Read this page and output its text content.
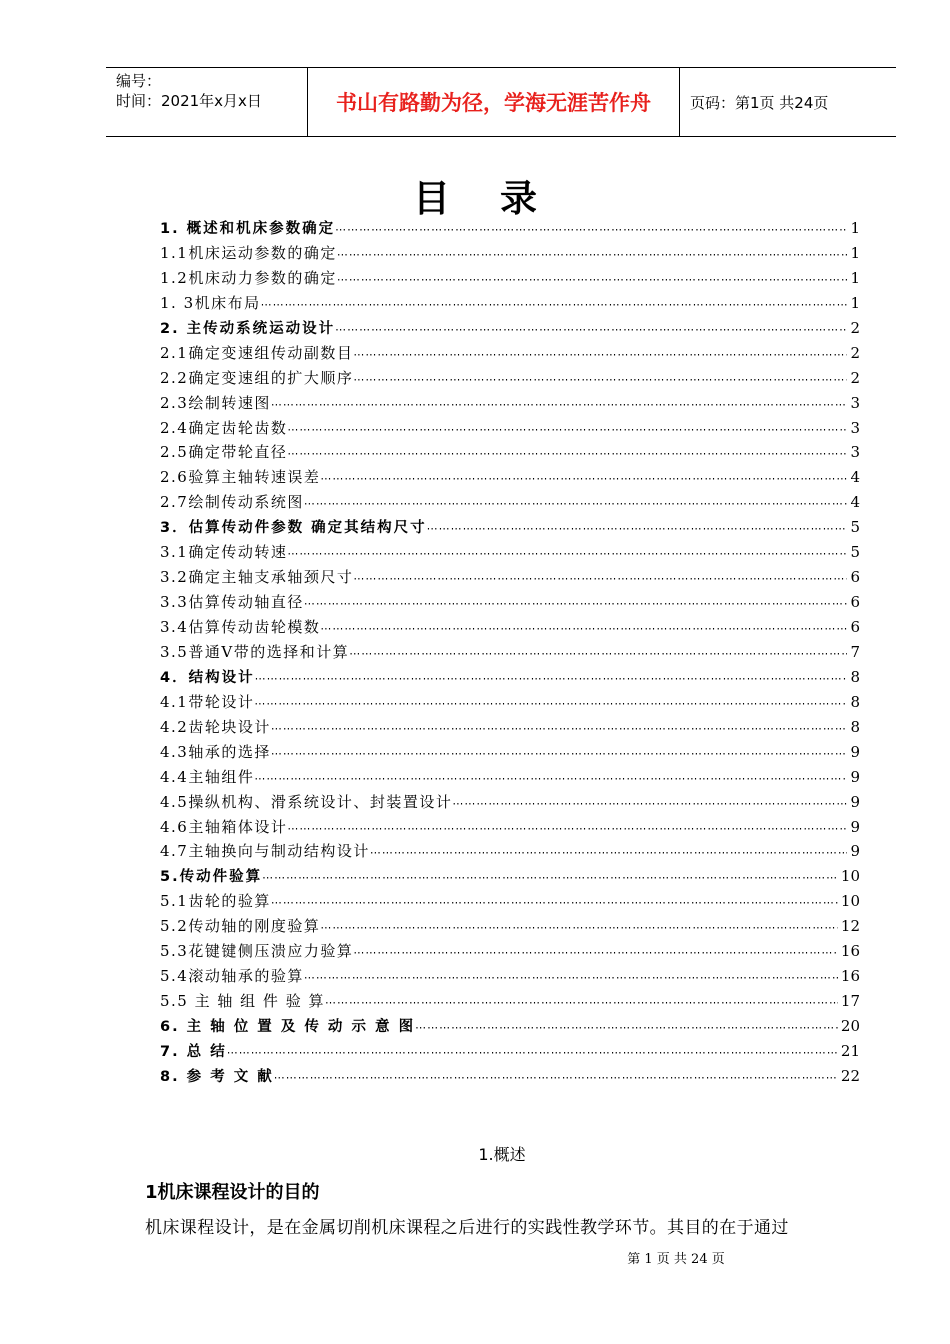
编号：
时间：2021年x月x日	书山有路勤为径，学海无涯苦作舟	页码：第1页 共24页
目录
1. 概述和机床参数确定 ⋯⋯⋯⋯⋯⋯⋯⋯⋯⋯⋯⋯⋯⋯⋯⋯⋯⋯⋯⋯⋯⋯⋯⋯⋯⋯⋯⋯⋯⋯⋯⋯⋯⋯⋯⋯⋯⋯⋯⋯⋯⋯⋯⋯⋯⋯⋯⋯⋯⋯⋯⋯⋯⋯⋯⋯⋯⋯⋯⋯⋯⋯⋯⋯⋯⋯⋯⋯⋯⋯⋯⋯⋯⋯⋯⋯⋯⋯	1
1.1机床运动参数的确定 ⋯⋯⋯⋯⋯⋯⋯⋯⋯⋯⋯⋯⋯⋯⋯⋯⋯⋯⋯⋯⋯⋯⋯⋯⋯⋯⋯⋯⋯⋯⋯⋯⋯⋯⋯⋯⋯⋯⋯⋯⋯⋯⋯⋯⋯⋯⋯⋯⋯⋯⋯⋯⋯⋯⋯⋯⋯⋯⋯⋯⋯⋯⋯⋯⋯⋯⋯⋯⋯⋯⋯⋯⋯⋯⋯⋯⋯⋯	1
1.2机床动力参数的确定 ⋯⋯⋯⋯⋯⋯⋯⋯⋯⋯⋯⋯⋯⋯⋯⋯⋯⋯⋯⋯⋯⋯⋯⋯⋯⋯⋯⋯⋯⋯⋯⋯⋯⋯⋯⋯⋯⋯⋯⋯⋯⋯⋯⋯⋯⋯⋯⋯⋯⋯⋯⋯⋯⋯⋯⋯⋯⋯⋯⋯⋯⋯⋯⋯⋯⋯⋯⋯⋯⋯⋯⋯⋯⋯⋯⋯⋯⋯	1
1. 3机床布局 ⋯⋯⋯⋯⋯⋯⋯⋯⋯⋯⋯⋯⋯⋯⋯⋯⋯⋯⋯⋯⋯⋯⋯⋯⋯⋯⋯⋯⋯⋯⋯⋯⋯⋯⋯⋯⋯⋯⋯⋯⋯⋯⋯⋯⋯⋯⋯⋯⋯⋯⋯⋯⋯⋯⋯⋯⋯⋯⋯⋯⋯⋯⋯⋯⋯⋯⋯⋯⋯⋯⋯⋯⋯⋯⋯⋯⋯⋯	1
2. 主传动系统运动设计 ⋯⋯⋯⋯⋯⋯⋯⋯⋯⋯⋯⋯⋯⋯⋯⋯⋯⋯⋯⋯⋯⋯⋯⋯⋯⋯⋯⋯⋯⋯⋯⋯⋯⋯⋯⋯⋯⋯⋯⋯⋯⋯⋯⋯⋯⋯⋯⋯⋯⋯⋯⋯⋯⋯⋯⋯⋯⋯⋯⋯⋯⋯⋯⋯⋯⋯⋯⋯⋯⋯⋯⋯⋯⋯⋯⋯⋯⋯	2
2.1确定变速组传动副数目 ⋯⋯⋯⋯⋯⋯⋯⋯⋯⋯⋯⋯⋯⋯⋯⋯⋯⋯⋯⋯⋯⋯⋯⋯⋯⋯⋯⋯⋯⋯⋯⋯⋯⋯⋯⋯⋯⋯⋯⋯⋯⋯⋯⋯⋯⋯⋯⋯⋯⋯⋯⋯⋯⋯⋯⋯⋯⋯⋯⋯⋯⋯⋯⋯⋯⋯⋯⋯⋯⋯⋯⋯⋯⋯⋯⋯⋯⋯	2
2.2确定变速组的扩大顺序 ⋯⋯⋯⋯⋯⋯⋯⋯⋯⋯⋯⋯⋯⋯⋯⋯⋯⋯⋯⋯⋯⋯⋯⋯⋯⋯⋯⋯⋯⋯⋯⋯⋯⋯⋯⋯⋯⋯⋯⋯⋯⋯⋯⋯⋯⋯⋯⋯⋯⋯⋯⋯⋯⋯⋯⋯⋯⋯⋯⋯⋯⋯⋯⋯⋯⋯⋯⋯⋯⋯⋯⋯⋯⋯⋯⋯⋯⋯	2
2.3绘制转速图 ⋯⋯⋯⋯⋯⋯⋯⋯⋯⋯⋯⋯⋯⋯⋯⋯⋯⋯⋯⋯⋯⋯⋯⋯⋯⋯⋯⋯⋯⋯⋯⋯⋯⋯⋯⋯⋯⋯⋯⋯⋯⋯⋯⋯⋯⋯⋯⋯⋯⋯⋯⋯⋯⋯⋯⋯⋯⋯⋯⋯⋯⋯⋯⋯⋯⋯⋯⋯⋯⋯⋯⋯⋯⋯⋯⋯⋯⋯	3
2.4确定齿轮齿数 ⋯⋯⋯⋯⋯⋯⋯⋯⋯⋯⋯⋯⋯⋯⋯⋯⋯⋯⋯⋯⋯⋯⋯⋯⋯⋯⋯⋯⋯⋯⋯⋯⋯⋯⋯⋯⋯⋯⋯⋯⋯⋯⋯⋯⋯⋯⋯⋯⋯⋯⋯⋯⋯⋯⋯⋯⋯⋯⋯⋯⋯⋯⋯⋯⋯⋯⋯⋯⋯⋯⋯⋯⋯⋯⋯⋯⋯⋯	3
2.5确定带轮直径 ⋯⋯⋯⋯⋯⋯⋯⋯⋯⋯⋯⋯⋯⋯⋯⋯⋯⋯⋯⋯⋯⋯⋯⋯⋯⋯⋯⋯⋯⋯⋯⋯⋯⋯⋯⋯⋯⋯⋯⋯⋯⋯⋯⋯⋯⋯⋯⋯⋯⋯⋯⋯⋯⋯⋯⋯⋯⋯⋯⋯⋯⋯⋯⋯⋯⋯⋯⋯⋯⋯⋯⋯⋯⋯⋯⋯⋯⋯	3
2.6验算主轴转速误差 ⋯⋯⋯⋯⋯⋯⋯⋯⋯⋯⋯⋯⋯⋯⋯⋯⋯⋯⋯⋯⋯⋯⋯⋯⋯⋯⋯⋯⋯⋯⋯⋯⋯⋯⋯⋯⋯⋯⋯⋯⋯⋯⋯⋯⋯⋯⋯⋯⋯⋯⋯⋯⋯⋯⋯⋯⋯⋯⋯⋯⋯⋯⋯⋯⋯⋯⋯⋯⋯⋯⋯⋯⋯⋯⋯⋯⋯⋯	4
2.7绘制传动系统图 ⋯⋯⋯⋯⋯⋯⋯⋯⋯⋯⋯⋯⋯⋯⋯⋯⋯⋯⋯⋯⋯⋯⋯⋯⋯⋯⋯⋯⋯⋯⋯⋯⋯⋯⋯⋯⋯⋯⋯⋯⋯⋯⋯⋯⋯⋯⋯⋯⋯⋯⋯⋯⋯⋯⋯⋯⋯⋯⋯⋯⋯⋯⋯⋯⋯⋯⋯⋯⋯⋯⋯⋯⋯⋯⋯⋯⋯⋯	4
3．估算传动件参数 确定其结构尺寸 ⋯⋯⋯⋯⋯⋯⋯⋯⋯⋯⋯⋯⋯⋯⋯⋯⋯⋯⋯⋯⋯⋯⋯⋯⋯⋯⋯⋯⋯⋯⋯⋯⋯⋯⋯⋯⋯⋯⋯⋯⋯⋯⋯⋯⋯⋯⋯⋯⋯⋯⋯⋯⋯⋯⋯⋯⋯⋯⋯⋯⋯⋯⋯⋯⋯⋯⋯⋯⋯⋯⋯⋯⋯⋯⋯⋯⋯⋯	5
3.1确定传动转速 ⋯⋯⋯⋯⋯⋯⋯⋯⋯⋯⋯⋯⋯⋯⋯⋯⋯⋯⋯⋯⋯⋯⋯⋯⋯⋯⋯⋯⋯⋯⋯⋯⋯⋯⋯⋯⋯⋯⋯⋯⋯⋯⋯⋯⋯⋯⋯⋯⋯⋯⋯⋯⋯⋯⋯⋯⋯⋯⋯⋯⋯⋯⋯⋯⋯⋯⋯⋯⋯⋯⋯⋯⋯⋯⋯⋯⋯⋯	5
3.2确定主轴支承轴颈尺寸 ⋯⋯⋯⋯⋯⋯⋯⋯⋯⋯⋯⋯⋯⋯⋯⋯⋯⋯⋯⋯⋯⋯⋯⋯⋯⋯⋯⋯⋯⋯⋯⋯⋯⋯⋯⋯⋯⋯⋯⋯⋯⋯⋯⋯⋯⋯⋯⋯⋯⋯⋯⋯⋯⋯⋯⋯⋯⋯⋯⋯⋯⋯⋯⋯⋯⋯⋯⋯⋯⋯⋯⋯⋯⋯⋯⋯⋯⋯	6
3.3估算传动轴直径 ⋯⋯⋯⋯⋯⋯⋯⋯⋯⋯⋯⋯⋯⋯⋯⋯⋯⋯⋯⋯⋯⋯⋯⋯⋯⋯⋯⋯⋯⋯⋯⋯⋯⋯⋯⋯⋯⋯⋯⋯⋯⋯⋯⋯⋯⋯⋯⋯⋯⋯⋯⋯⋯⋯⋯⋯⋯⋯⋯⋯⋯⋯⋯⋯⋯⋯⋯⋯⋯⋯⋯⋯⋯⋯⋯⋯⋯⋯	6
3.4估算传动齿轮模数 ⋯⋯⋯⋯⋯⋯⋯⋯⋯⋯⋯⋯⋯⋯⋯⋯⋯⋯⋯⋯⋯⋯⋯⋯⋯⋯⋯⋯⋯⋯⋯⋯⋯⋯⋯⋯⋯⋯⋯⋯⋯⋯⋯⋯⋯⋯⋯⋯⋯⋯⋯⋯⋯⋯⋯⋯⋯⋯⋯⋯⋯⋯⋯⋯⋯⋯⋯⋯⋯⋯⋯⋯⋯⋯⋯⋯⋯⋯	6
3.5普通V带的选择和计算 ⋯⋯⋯⋯⋯⋯⋯⋯⋯⋯⋯⋯⋯⋯⋯⋯⋯⋯⋯⋯⋯⋯⋯⋯⋯⋯⋯⋯⋯⋯⋯⋯⋯⋯⋯⋯⋯⋯⋯⋯⋯⋯⋯⋯⋯⋯⋯⋯⋯⋯⋯⋯⋯⋯⋯⋯⋯⋯⋯⋯⋯⋯⋯⋯⋯⋯⋯⋯⋯⋯⋯⋯⋯⋯⋯⋯⋯⋯	7
4．结构设计 ⋯⋯⋯⋯⋯⋯⋯⋯⋯⋯⋯⋯⋯⋯⋯⋯⋯⋯⋯⋯⋯⋯⋯⋯⋯⋯⋯⋯⋯⋯⋯⋯⋯⋯⋯⋯⋯⋯⋯⋯⋯⋯⋯⋯⋯⋯⋯⋯⋯⋯⋯⋯⋯⋯⋯⋯⋯⋯⋯⋯⋯⋯⋯⋯⋯⋯⋯⋯⋯⋯⋯⋯⋯⋯⋯⋯⋯⋯	8
4.1带轮设计 ⋯⋯⋯⋯⋯⋯⋯⋯⋯⋯⋯⋯⋯⋯⋯⋯⋯⋯⋯⋯⋯⋯⋯⋯⋯⋯⋯⋯⋯⋯⋯⋯⋯⋯⋯⋯⋯⋯⋯⋯⋯⋯⋯⋯⋯⋯⋯⋯⋯⋯⋯⋯⋯⋯⋯⋯⋯⋯⋯⋯⋯⋯⋯⋯⋯⋯⋯⋯⋯⋯⋯⋯⋯⋯⋯⋯⋯⋯	8
4.2齿轮块设计 ⋯⋯⋯⋯⋯⋯⋯⋯⋯⋯⋯⋯⋯⋯⋯⋯⋯⋯⋯⋯⋯⋯⋯⋯⋯⋯⋯⋯⋯⋯⋯⋯⋯⋯⋯⋯⋯⋯⋯⋯⋯⋯⋯⋯⋯⋯⋯⋯⋯⋯⋯⋯⋯⋯⋯⋯⋯⋯⋯⋯⋯⋯⋯⋯⋯⋯⋯⋯⋯⋯⋯⋯⋯⋯⋯⋯⋯⋯	8
4.3轴承的选择 ⋯⋯⋯⋯⋯⋯⋯⋯⋯⋯⋯⋯⋯⋯⋯⋯⋯⋯⋯⋯⋯⋯⋯⋯⋯⋯⋯⋯⋯⋯⋯⋯⋯⋯⋯⋯⋯⋯⋯⋯⋯⋯⋯⋯⋯⋯⋯⋯⋯⋯⋯⋯⋯⋯⋯⋯⋯⋯⋯⋯⋯⋯⋯⋯⋯⋯⋯⋯⋯⋯⋯⋯⋯⋯⋯⋯⋯⋯	9
4.4主轴组件 ⋯⋯⋯⋯⋯⋯⋯⋯⋯⋯⋯⋯⋯⋯⋯⋯⋯⋯⋯⋯⋯⋯⋯⋯⋯⋯⋯⋯⋯⋯⋯⋯⋯⋯⋯⋯⋯⋯⋯⋯⋯⋯⋯⋯⋯⋯⋯⋯⋯⋯⋯⋯⋯⋯⋯⋯⋯⋯⋯⋯⋯⋯⋯⋯⋯⋯⋯⋯⋯⋯⋯⋯⋯⋯⋯⋯⋯⋯	9
4.5操纵机构、滑系统设计、封装置设计 ⋯⋯⋯⋯⋯⋯⋯⋯⋯⋯⋯⋯⋯⋯⋯⋯⋯⋯⋯⋯⋯⋯⋯⋯⋯⋯⋯⋯⋯⋯⋯⋯⋯⋯⋯⋯⋯⋯⋯⋯⋯⋯⋯⋯⋯⋯⋯⋯⋯⋯⋯⋯⋯⋯⋯⋯⋯⋯⋯⋯⋯⋯⋯⋯⋯⋯⋯⋯⋯⋯⋯⋯⋯⋯⋯⋯⋯⋯	9
4.6主轴箱体设计 ⋯⋯⋯⋯⋯⋯⋯⋯⋯⋯⋯⋯⋯⋯⋯⋯⋯⋯⋯⋯⋯⋯⋯⋯⋯⋯⋯⋯⋯⋯⋯⋯⋯⋯⋯⋯⋯⋯⋯⋯⋯⋯⋯⋯⋯⋯⋯⋯⋯⋯⋯⋯⋯⋯⋯⋯⋯⋯⋯⋯⋯⋯⋯⋯⋯⋯⋯⋯⋯⋯⋯⋯⋯⋯⋯⋯⋯⋯	9
4.7主轴换向与制动结构设计 ⋯⋯⋯⋯⋯⋯⋯⋯⋯⋯⋯⋯⋯⋯⋯⋯⋯⋯⋯⋯⋯⋯⋯⋯⋯⋯⋯⋯⋯⋯⋯⋯⋯⋯⋯⋯⋯⋯⋯⋯⋯⋯⋯⋯⋯⋯⋯⋯⋯⋯⋯⋯⋯⋯⋯⋯⋯⋯⋯⋯⋯⋯⋯⋯⋯⋯⋯⋯⋯⋯⋯⋯⋯⋯⋯⋯⋯⋯	9
5.传动件验算 ⋯⋯⋯⋯⋯⋯⋯⋯⋯⋯⋯⋯⋯⋯⋯⋯⋯⋯⋯⋯⋯⋯⋯⋯⋯⋯⋯⋯⋯⋯⋯⋯⋯⋯⋯⋯⋯⋯⋯⋯⋯⋯⋯⋯⋯⋯⋯⋯⋯⋯⋯⋯⋯⋯⋯⋯⋯⋯⋯⋯⋯⋯⋯⋯⋯⋯⋯⋯⋯⋯⋯⋯⋯⋯⋯⋯⋯⋯	10
5.1齿轮的验算 ⋯⋯⋯⋯⋯⋯⋯⋯⋯⋯⋯⋯⋯⋯⋯⋯⋯⋯⋯⋯⋯⋯⋯⋯⋯⋯⋯⋯⋯⋯⋯⋯⋯⋯⋯⋯⋯⋯⋯⋯⋯⋯⋯⋯⋯⋯⋯⋯⋯⋯⋯⋯⋯⋯⋯⋯⋯⋯⋯⋯⋯⋯⋯⋯⋯⋯⋯⋯⋯⋯⋯⋯⋯⋯⋯⋯⋯⋯	10
5.2传动轴的刚度验算 ⋯⋯⋯⋯⋯⋯⋯⋯⋯⋯⋯⋯⋯⋯⋯⋯⋯⋯⋯⋯⋯⋯⋯⋯⋯⋯⋯⋯⋯⋯⋯⋯⋯⋯⋯⋯⋯⋯⋯⋯⋯⋯⋯⋯⋯⋯⋯⋯⋯⋯⋯⋯⋯⋯⋯⋯⋯⋯⋯⋯⋯⋯⋯⋯⋯⋯⋯⋯⋯⋯⋯⋯⋯⋯⋯⋯⋯⋯	12
5.3花键键侧压溃应力验算 ⋯⋯⋯⋯⋯⋯⋯⋯⋯⋯⋯⋯⋯⋯⋯⋯⋯⋯⋯⋯⋯⋯⋯⋯⋯⋯⋯⋯⋯⋯⋯⋯⋯⋯⋯⋯⋯⋯⋯⋯⋯⋯⋯⋯⋯⋯⋯⋯⋯⋯⋯⋯⋯⋯⋯⋯⋯⋯⋯⋯⋯⋯⋯⋯⋯⋯⋯⋯⋯⋯⋯⋯⋯⋯⋯⋯⋯⋯	16
5.4滚动轴承的验算 ⋯⋯⋯⋯⋯⋯⋯⋯⋯⋯⋯⋯⋯⋯⋯⋯⋯⋯⋯⋯⋯⋯⋯⋯⋯⋯⋯⋯⋯⋯⋯⋯⋯⋯⋯⋯⋯⋯⋯⋯⋯⋯⋯⋯⋯⋯⋯⋯⋯⋯⋯⋯⋯⋯⋯⋯⋯⋯⋯⋯⋯⋯⋯⋯⋯⋯⋯⋯⋯⋯⋯⋯⋯⋯⋯⋯⋯⋯	16
5.5 主 轴 组 件 验 算 ⋯⋯⋯⋯⋯⋯⋯⋯⋯⋯⋯⋯⋯⋯⋯⋯⋯⋯⋯⋯⋯⋯⋯⋯⋯⋯⋯⋯⋯⋯⋯⋯⋯⋯⋯⋯⋯⋯⋯⋯⋯⋯⋯⋯⋯⋯⋯⋯⋯⋯⋯⋯⋯⋯⋯⋯⋯⋯⋯⋯⋯⋯⋯⋯⋯⋯⋯⋯⋯⋯⋯⋯⋯⋯⋯⋯⋯⋯	17
6. 主 轴 位 置 及 传 动 示 意 图 ⋯⋯⋯⋯⋯⋯⋯⋯⋯⋯⋯⋯⋯⋯⋯⋯⋯⋯⋯⋯⋯⋯⋯⋯⋯⋯⋯⋯⋯⋯⋯⋯⋯⋯⋯⋯⋯⋯⋯⋯⋯⋯⋯⋯⋯⋯⋯⋯⋯⋯⋯⋯⋯⋯⋯⋯⋯⋯⋯⋯⋯⋯⋯⋯⋯⋯⋯⋯⋯⋯⋯⋯⋯⋯⋯⋯⋯⋯	20
7. 总 结 ⋯⋯⋯⋯⋯⋯⋯⋯⋯⋯⋯⋯⋯⋯⋯⋯⋯⋯⋯⋯⋯⋯⋯⋯⋯⋯⋯⋯⋯⋯⋯⋯⋯⋯⋯⋯⋯⋯⋯⋯⋯⋯⋯⋯⋯⋯⋯⋯⋯⋯⋯⋯⋯⋯⋯⋯⋯⋯⋯⋯⋯⋯⋯⋯⋯⋯⋯⋯⋯⋯⋯⋯⋯⋯⋯⋯⋯⋯	21
8. 参 考 文 献 ⋯⋯⋯⋯⋯⋯⋯⋯⋯⋯⋯⋯⋯⋯⋯⋯⋯⋯⋯⋯⋯⋯⋯⋯⋯⋯⋯⋯⋯⋯⋯⋯⋯⋯⋯⋯⋯⋯⋯⋯⋯⋯⋯⋯⋯⋯⋯⋯⋯⋯⋯⋯⋯⋯⋯⋯⋯⋯⋯⋯⋯⋯⋯⋯⋯⋯⋯⋯⋯⋯⋯⋯⋯⋯⋯⋯⋯⋯	22
1.概述
1机床课程设计的目的
机床课程设计，是在金属切削机床课程之后进行的实践性教学环节。其目的在于通过
第 1 页 共 24 页
